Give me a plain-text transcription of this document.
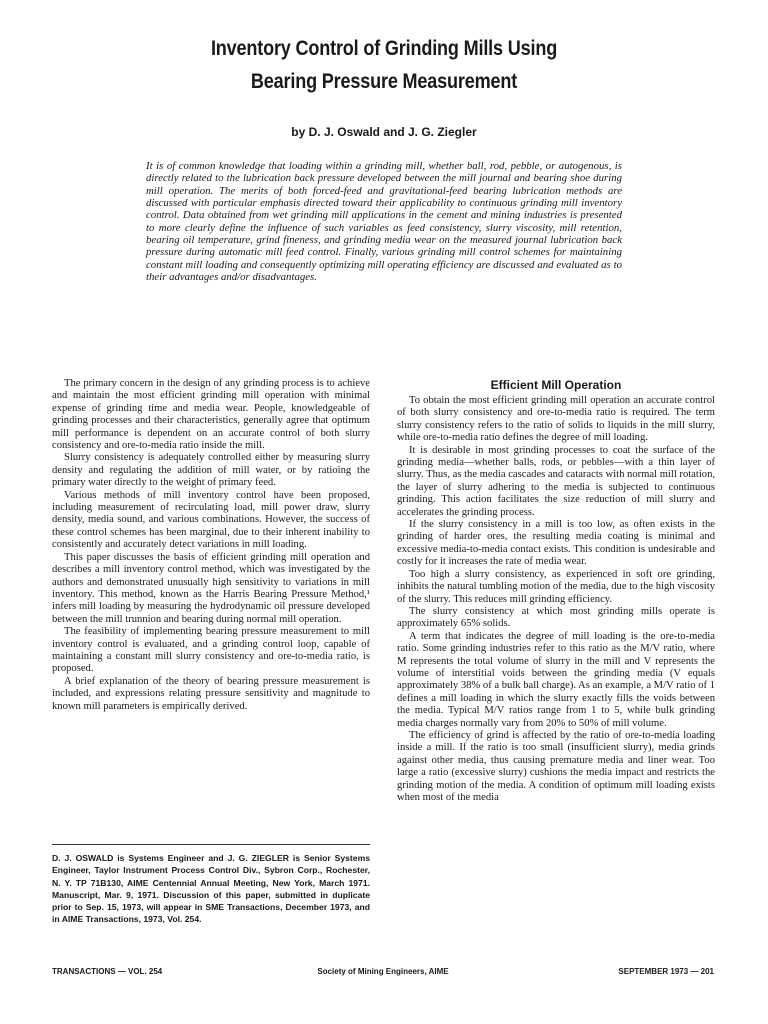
Inventory Control of Grinding Mills Using
Bearing Pressure Measurement
by D. J. Oswald and J. G. Ziegler

It is of common knowledge that loading within a grinding mill, whether ball, rod, pebble, or autogenous, is directly related to the lubrication back pressure developed between the mill journal and bearing shoe during mill operation. The merits of both forced-feed and gravitational-feed bearing lubrication methods are discussed with particular emphasis directed toward their applicability to continuous grinding mill inventory control. Data obtained from wet grinding mill applications in the cement and mining industries is presented to more clearly define the influence of such variables as feed consistency, slurry viscosity, mill retention, bearing oil temperature, grind fineness, and grinding media wear on the measured journal lubrication back pressure during automatic mill feed control. Finally, various grinding mill control schemes for maintaining constant mill loading and consequently optimizing mill operating efficiency are discussed and evaluated as to their advantages and/or disadvantages.

The primary concern in the design of any grinding process is to achieve and maintain the most efficient grinding mill operation with minimal expense of grinding time and media wear. People, knowledgeable of grinding processes and their characteristics, generally agree that optimum mill performance is dependent on an accurate control of both slurry consistency and ore-to-media ratio inside the mill.

Slurry consistency is adequately controlled either by measuring slurry density and regulating the addition of mill water, or by ratioing the primary water directly to the weight of primary feed.

Various methods of mill inventory control have been proposed, including measurement of recirculating load, mill power draw, slurry density, media sound, and various combinations. However, the success of these control schemes has been marginal, due to their inherent inability to consistently and accurately detect variations in mill loading.

This paper discusses the basis of efficient grinding mill operation and describes a mill inventory control method, which was investigated by the authors and demonstrated unusually high sensitivity to variations in mill inventory. This method, known as the Harris Bearing Pressure Method,¹ infers mill loading by measuring the hydrodynamic oil pressure developed between the mill trunnion and bearing during normal mill operation.

The feasibility of implementing bearing pressure measurement to mill inventory control is evaluated, and a grinding control loop, capable of maintaining a constant mill slurry consistency and ore-to-media ratio, is proposed.

A brief explanation of the theory of bearing pressure measurement is included, and expressions relating pressure sensitivity and magnitude to known mill parameters is empirically derived.

D. J. OSWALD is Systems Engineer and J. G. ZIEGLER is Senior Systems Engineer, Taylor Instrument Process Control Div., Sybron Corp., Rochester, N. Y. TP 71B130, AIME Centennial Annual Meeting, New York, March 1971. Manuscript, Mar. 9, 1971. Discussion of this paper, submitted in duplicate prior to Sep. 15, 1973, will appear in SME Transactions, December 1973, and in AIME Transactions, 1973, Vol. 254.

Efficient Mill Operation

To obtain the most efficient grinding mill operation an accurate control of both slurry consistency and ore-to-media ratio is required. The term slurry consistency refers to the ratio of solids to liquids in the mill slurry, while ore-to-media ratio defines the degree of mill loading.

It is desirable in most grinding processes to coat the surface of the grinding media—whether balls, rods, or pebbles—with a thin layer of slurry. Thus, as the media cascades and cataracts with normal mill rotation, the layer of slurry adhering to the media is subjected to continuous grinding. This action facilitates the size reduction of mill slurry and accelerates the grinding process.

If the slurry consistency in a mill is too low, as often exists in the grinding of harder ores, the resulting media coating is minimal and excessive media-to-media contact exists. This condition is undesirable and costly for it increases the rate of media wear.

Too high a slurry consistency, as experienced in soft ore grinding, inhibits the natural tumbling motion of the media, due to the high viscosity of the slurry. This reduces mill grinding efficiency.

The slurry consistency at which most grinding mills operate is approximately 65% solids.

A term that indicates the degree of mill loading is the ore-to-media ratio. Some grinding industries refer to this ratio as the M/V ratio, where M represents the total volume of slurry in the mill and V represents the volume of interstitial voids between the grinding media (V equals approximately 38% of a bulk ball charge). As an example, a M/V ratio of 1 defines a mill loading in which the slurry exactly fills the voids between the media. Typical M/V ratios range from 1 to 5, while bulk grinding media charges normally vary from 20% to 50% of mill volume.

The efficiency of grind is affected by the ratio of ore-to-media loading inside a mill. If the ratio is too small (insufficient slurry), media grinds against other media, thus causing premature media and liner wear. Too large a ratio (excessive slurry) cushions the media impact and restricts the grinding motion of the media. A condition of optimum mill loading exists when most of the media

TRANSACTIONS — VOL. 254	Society of Mining Engineers, AIME	SEPTEMBER 1973 — 201
